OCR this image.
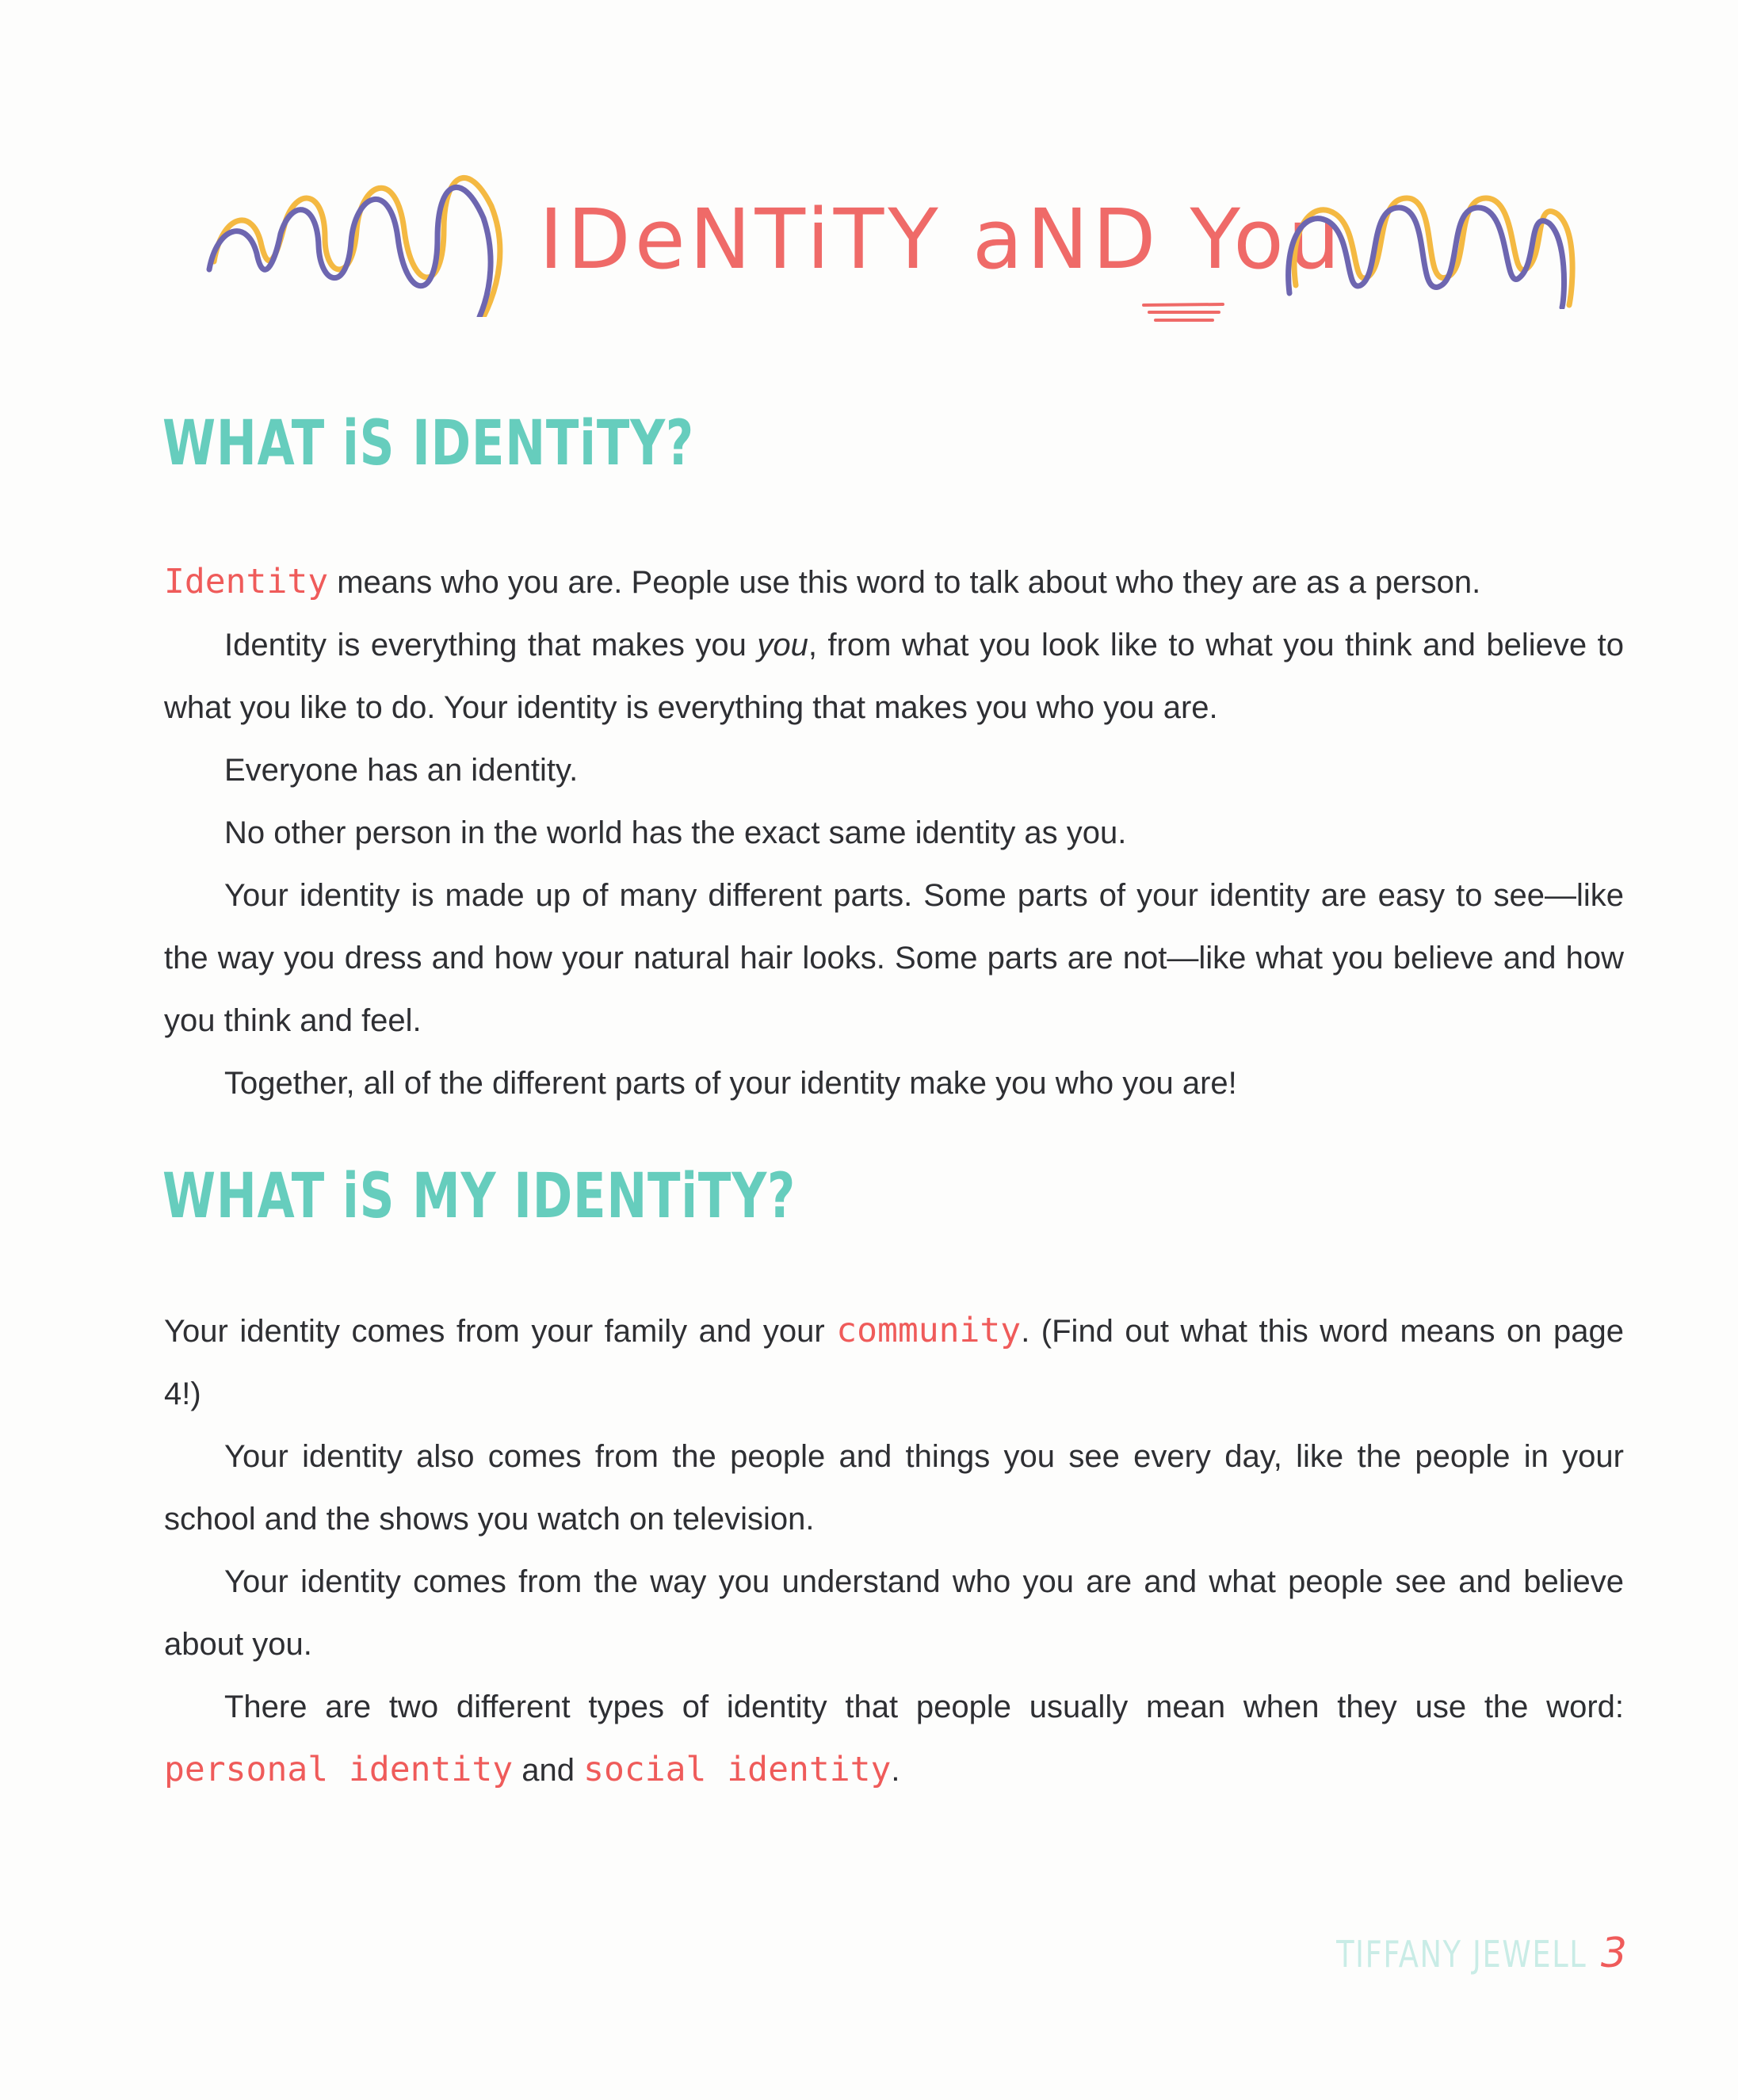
IDeNTiTY aND You
WHAT iS IDENTiTY?

Identity means who you are. People use this word to talk about who they are as a person.

Identity is everything that makes you you, from what you look like to what you think and believe to what you like to do. Your identity is everything that makes you who you are.

Everyone has an identity.

No other person in the world has the exact same identity as you.

Your identity is made up of many different parts. Some parts of your identity are easy to see—like the way you dress and how your natural hair looks. Some parts are not—like what you believe and how you think and feel.

Together, all of the different parts of your identity make you who you are!

WHAT iS MY IDENTiTY?

Your identity comes from your family and your community. (Find out what this word means on page 4!)

Your identity also comes from the people and things you see every day, like the people in your school and the shows you watch on television.

Your identity comes from the way you understand who you are and what people see and believe about you.

There are two different types of identity that people usually mean when they use the word: personal identity and social identity.

TIFFANY JEWELL 3
